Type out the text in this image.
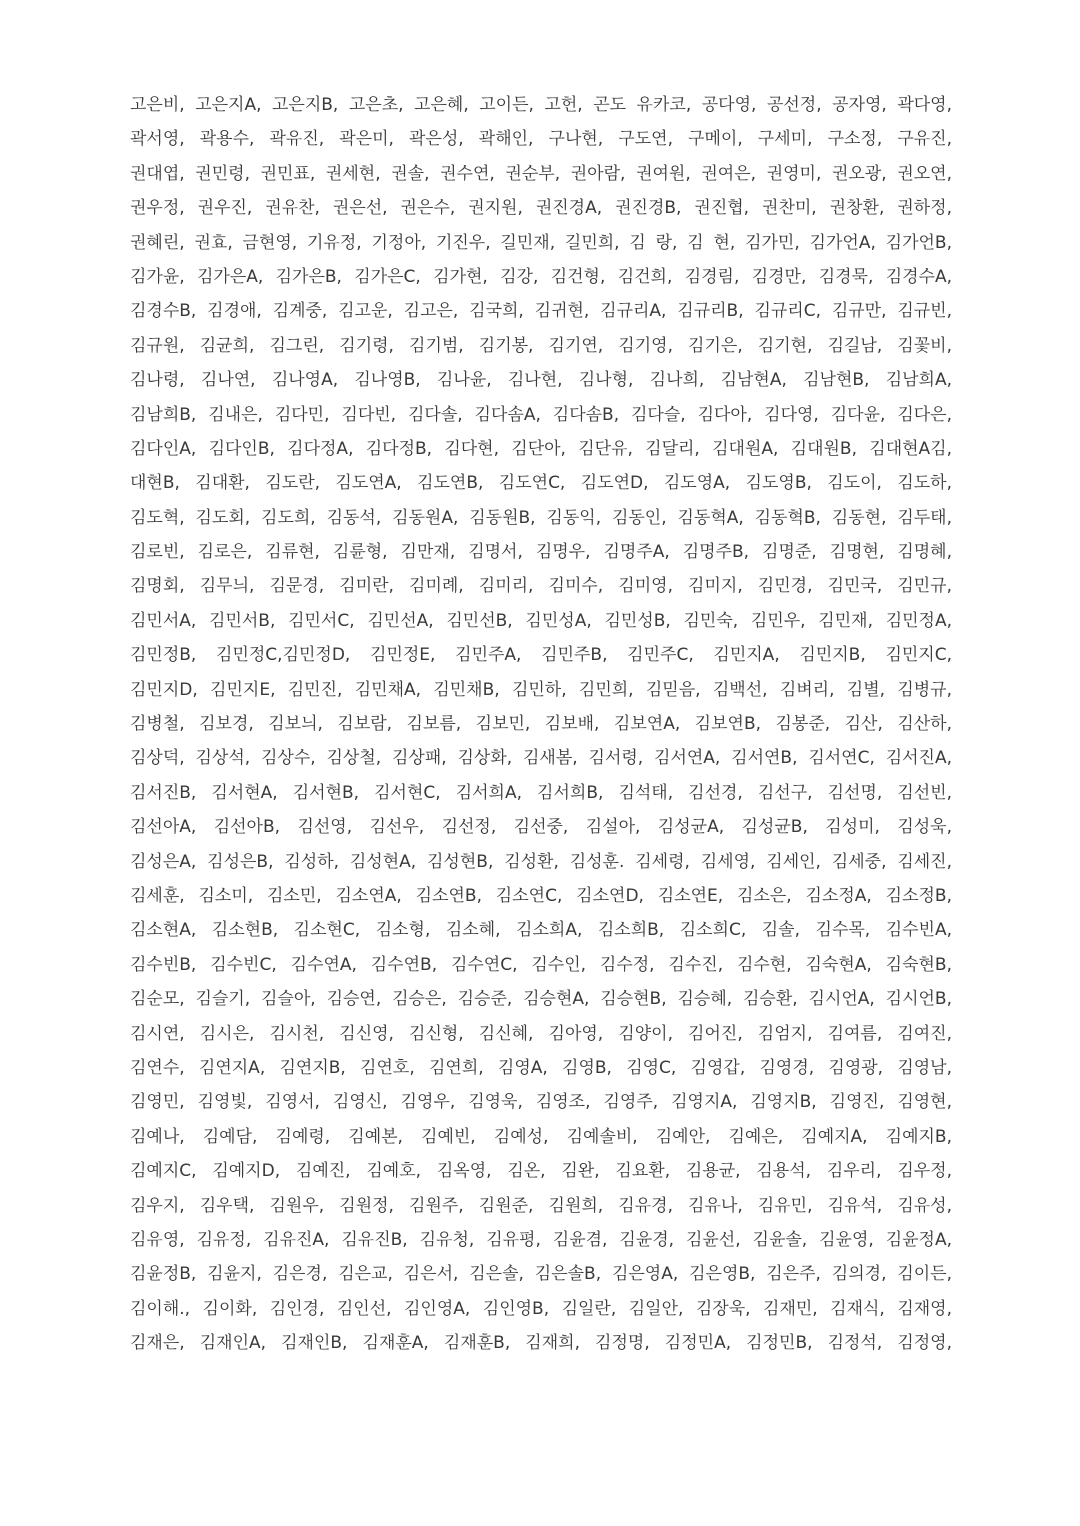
고은비, 고은지A, 고은지B, 고은초, 고은혜, 고이든, 고헌, 곤도 유카코, 공다영, 공선정, 공자영, 곽다영,
곽서영, 곽용수, 곽유진, 곽은미, 곽은성, 곽해인, 구나현, 구도연, 구메이, 구세미, 구소정, 구유진,
권대엽, 권민령, 권민표, 권세현, 권솔, 권수연, 권순부, 권아람, 권여원, 권여은, 권영미, 권오광, 권오연,
권우정, 권우진, 권유찬, 권은선, 권은수, 권지원, 권진경A, 권진경B, 권진협, 권찬미, 권창환, 권하정,
권혜린, 권효, 금현영, 기유정, 기정아, 기진우, 길민재, 길민희, 김 랑, 김 현, 김가민, 김가언A, 김가언B,
김가윤, 김가은A, 김가은B, 김가은C, 김가현, 김강, 김건형, 김건희, 김경림, 김경만, 김경묵, 김경수A,
김경수B, 김경애, 김계중, 김고운, 김고은, 김국희, 김귀현, 김규리A, 김규리B, 김규리C, 김규만, 김규빈,
김규원, 김균희, 김그린, 김기령, 김기범, 김기봉, 김기연, 김기영, 김기은, 김기현, 김길남, 김꽃비,
김나령, 김나연, 김나영A, 김나영B, 김나윤, 김나현, 김나형, 김나희, 김남현A, 김남현B, 김남희A,
김남희B, 김내은, 김다민, 김다빈, 김다솔, 김다솜A, 김다솜B, 김다슬, 김다아, 김다영, 김다윤, 김다은,
김다인A, 김다인B, 김다정A, 김다정B, 김다현, 김단아, 김단유, 김달리, 김대원A, 김대원B, 김대현A김,
대현B, 김대환, 김도란, 김도연A, 김도연B, 김도연C, 김도연D, 김도영A, 김도영B, 김도이, 김도하,
김도혁, 김도회, 김도희, 김동석, 김동원A, 김동원B, 김동익, 김동인, 김동혁A, 김동혁B, 김동현, 김두태,
김로빈, 김로은, 김류현, 김륜형, 김만재, 김명서, 김명우, 김명주A, 김명주B, 김명준, 김명현, 김명혜,
김명회, 김무늬, 김문경, 김미란, 김미례, 김미리, 김미수, 김미영, 김미지, 김민경, 김민국, 김민규,
김민서A, 김민서B, 김민서C, 김민선A, 김민선B, 김민성A, 김민성B, 김민숙, 김민우, 김민재, 김민정A,
김민정B, 김민정C,김민정D, 김민정E, 김민주A, 김민주B, 김민주C, 김민지A, 김민지B, 김민지C,
김민지D, 김민지E, 김민진, 김민채A, 김민채B, 김민하, 김민희, 김믿음, 김백선, 김벼리, 김별, 김병규,
김병철, 김보경, 김보늬, 김보람, 김보름, 김보민, 김보배, 김보연A, 김보연B, 김봉준, 김산, 김산하,
김상덕, 김상석, 김상수, 김상철, 김상패, 김상화, 김새봄, 김서령, 김서연A, 김서연B, 김서연C, 김서진A,
김서진B, 김서현A, 김서현B, 김서현C, 김서희A, 김서희B, 김석태, 김선경, 김선구, 김선명, 김선빈,
김선아A, 김선아B, 김선영, 김선우, 김선정, 김선중, 김설아, 김성균A, 김성균B, 김성미, 김성욱,
김성은A, 김성은B, 김성하, 김성현A, 김성현B, 김성환, 김성훈. 김세령, 김세영, 김세인, 김세중, 김세진,
김세훈, 김소미, 김소민, 김소연A, 김소연B, 김소연C, 김소연D, 김소연E, 김소은, 김소정A, 김소정B,
김소현A, 김소현B, 김소현C, 김소형, 김소혜, 김소희A, 김소희B, 김소희C, 김솔, 김수목, 김수빈A,
김수빈B, 김수빈C, 김수연A, 김수연B, 김수연C, 김수인, 김수정, 김수진, 김수현, 김숙현A, 김숙현B,
김순모, 김슬기, 김슬아, 김승연, 김승은, 김승준, 김승현A, 김승현B, 김승혜, 김승환, 김시언A, 김시언B,
김시연, 김시은, 김시천, 김신영, 김신형, 김신혜, 김아영, 김양이, 김어진, 김엄지, 김여름, 김여진,
김연수, 김연지A, 김연지B, 김연호, 김연희, 김영A, 김영B, 김영C, 김영갑, 김영경, 김영광, 김영남,
김영민, 김영빛, 김영서, 김영신, 김영우, 김영욱, 김영조, 김영주, 김영지A, 김영지B, 김영진, 김영현,
김예나, 김예담, 김예령, 김예본, 김예빈, 김예성, 김예솔비, 김예안, 김예은, 김예지A, 김예지B,
김예지C, 김예지D, 김예진, 김예호, 김옥영, 김온, 김완, 김요환, 김용균, 김용석, 김우리, 김우정,
김우지, 김우택, 김원우, 김원정, 김원주, 김원준, 김원희, 김유경, 김유나, 김유민, 김유석, 김유성,
김유영, 김유정, 김유진A, 김유진B, 김유청, 김유평, 김윤겸, 김윤경, 김윤선, 김윤솔, 김윤영, 김윤정A,
김윤정B, 김윤지, 김은경, 김은교, 김은서, 김은솔, 김은솔B, 김은영A, 김은영B, 김은주, 김의경, 김이든,
김이해., 김이화, 김인경, 김인선, 김인영A, 김인영B, 김일란, 김일안, 김장욱, 김재민, 김재식, 김재영,
김재은, 김재인A, 김재인B, 김재훈A, 김재훈B, 김재희, 김정명, 김정민A, 김정민B, 김정석, 김정영,
